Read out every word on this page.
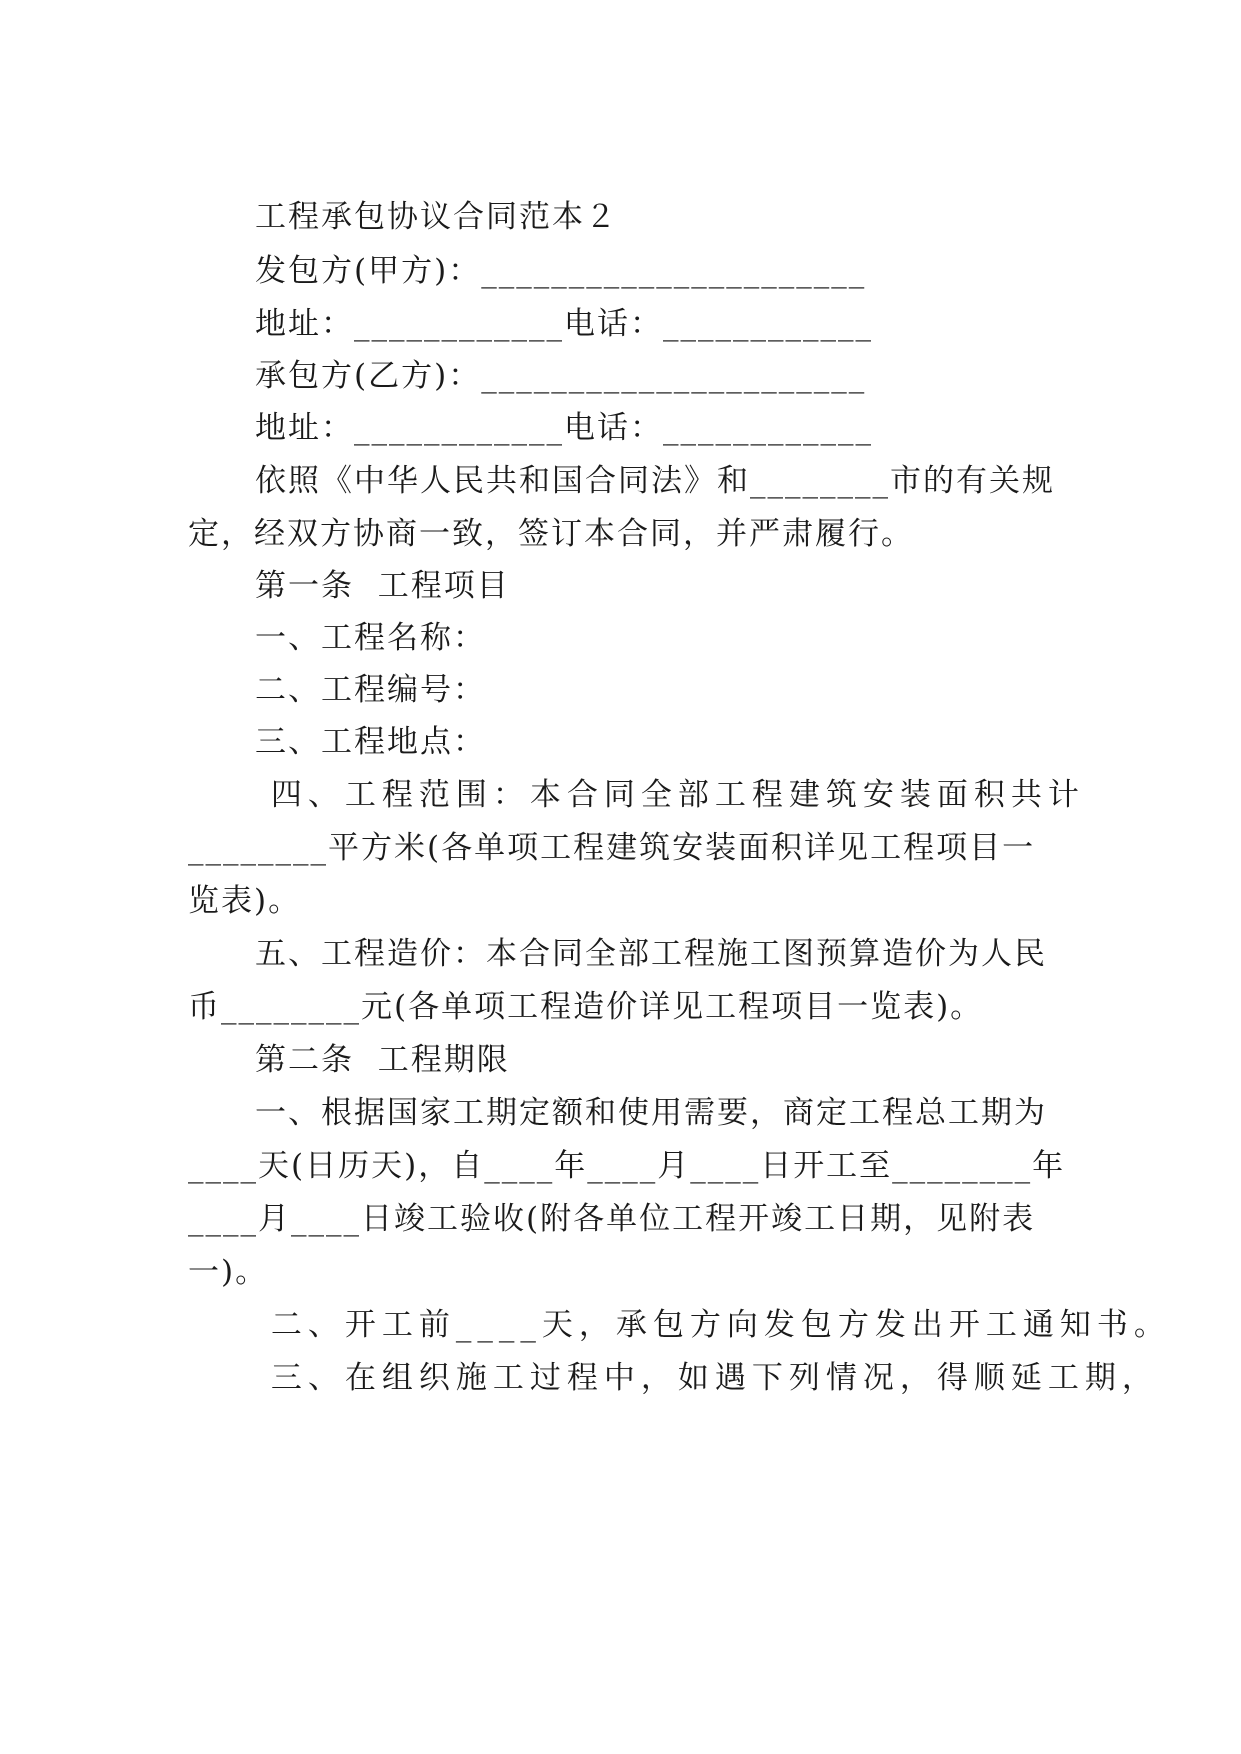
工程承包协议合同范本２
发包方(甲方)：______________________
地址：____________电话：____________
承包方(乙方)：______________________
地址：____________电话：____________
依照《中华人民共和国合同法》和________市的有关规
定，经双方协商一致，签订本合同，并严肃履行。
第一条  工程项目
一、工程名称：
二、工程编号：
三、工程地点：
四、工程范围：本合同全部工程建筑安装面积共计
________平方米(各单项工程建筑安装面积详见工程项目一
览表)。
五、工程造价：本合同全部工程施工图预算造价为人民
币________元(各单项工程造价详见工程项目一览表)。
第二条  工程期限
一、根据国家工期定额和使用需要，商定工程总工期为
____天(日历天)，自____年____月____日开工至________年
____月____日竣工验收(附各单位工程开竣工日期，见附表
一)。
二、开工前____天，承包方向发包方发出开工通知书。
三、在组织施工过程中，如遇下列情况，得顺延工期，
